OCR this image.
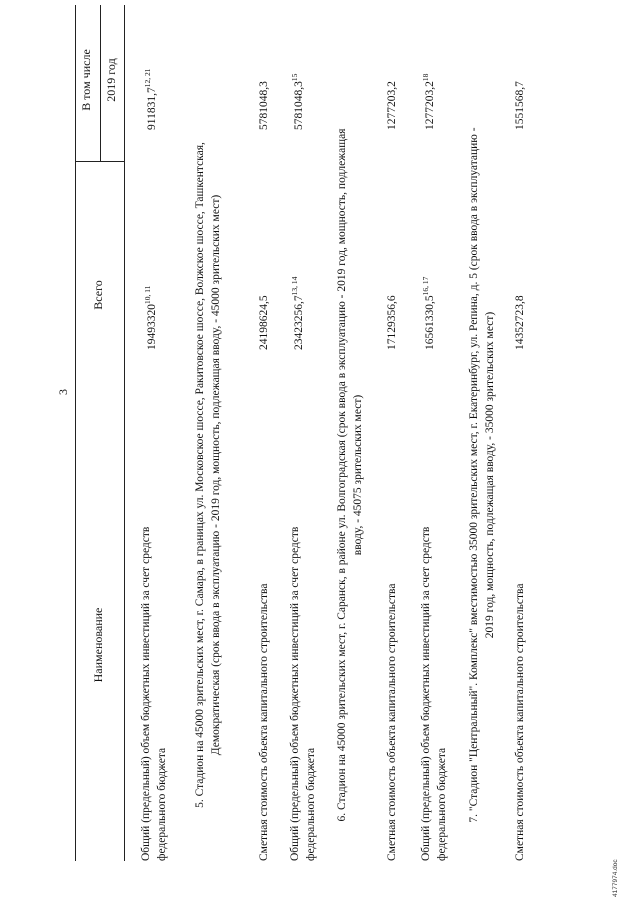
3
Наименование
Всего
В том числе 2019 год
Общий (предельный) объем бюджетных инвестиций за счет средств федерального бюджета
19493320$^{10, 11}$
911831,7$^{12, 21}$
5. Стадион на 45000 зрительских мест, г. Самара, в границах ул. Московское шоссе, Ракитовское шоссе, Волжское шоссе, Ташкентская, Демократическая (срок ввода в эксплуатацию - 2019 год, мощность, подлежащая вводу, - 45000 зрительских мест)	Сметная стоимость объекта капитального строительства
24198624,5
5781048,3
Общий (предельный) объем бюджетных инвестиций за счет средств федерального бюджета
23423256,7$^{13, 14}$
5781048,3$^{15}$
6. Стадион на 45000 зрительских мест, г. Саранск, в районе ул. Волгоградская (срок ввода в эксплуатацию - 2019 год, мощность, подлежащая вводу, - 45075 зрительских мест)
Сметная стоимость объекта капитального строительства
17129356,6
1277203,2
Общий (предельный) объем бюджетных инвестиций за счет средств федерального бюджета
16561330,5$^{16, 17}$
1277203,2$^{18}$
7. "Стадион "Центральный". Комплекс" вместимостью 35000 зрительских мест, г. Екатеринбург, ул. Репина, д. 5 (срок ввода в эксплуатацию - 2019 год, мощность, подлежащая вводу, - 35000 зрительских мест)
Сметная стоимость объекта капитального строительства
14352723,8
1551568,7
4177974.doc
